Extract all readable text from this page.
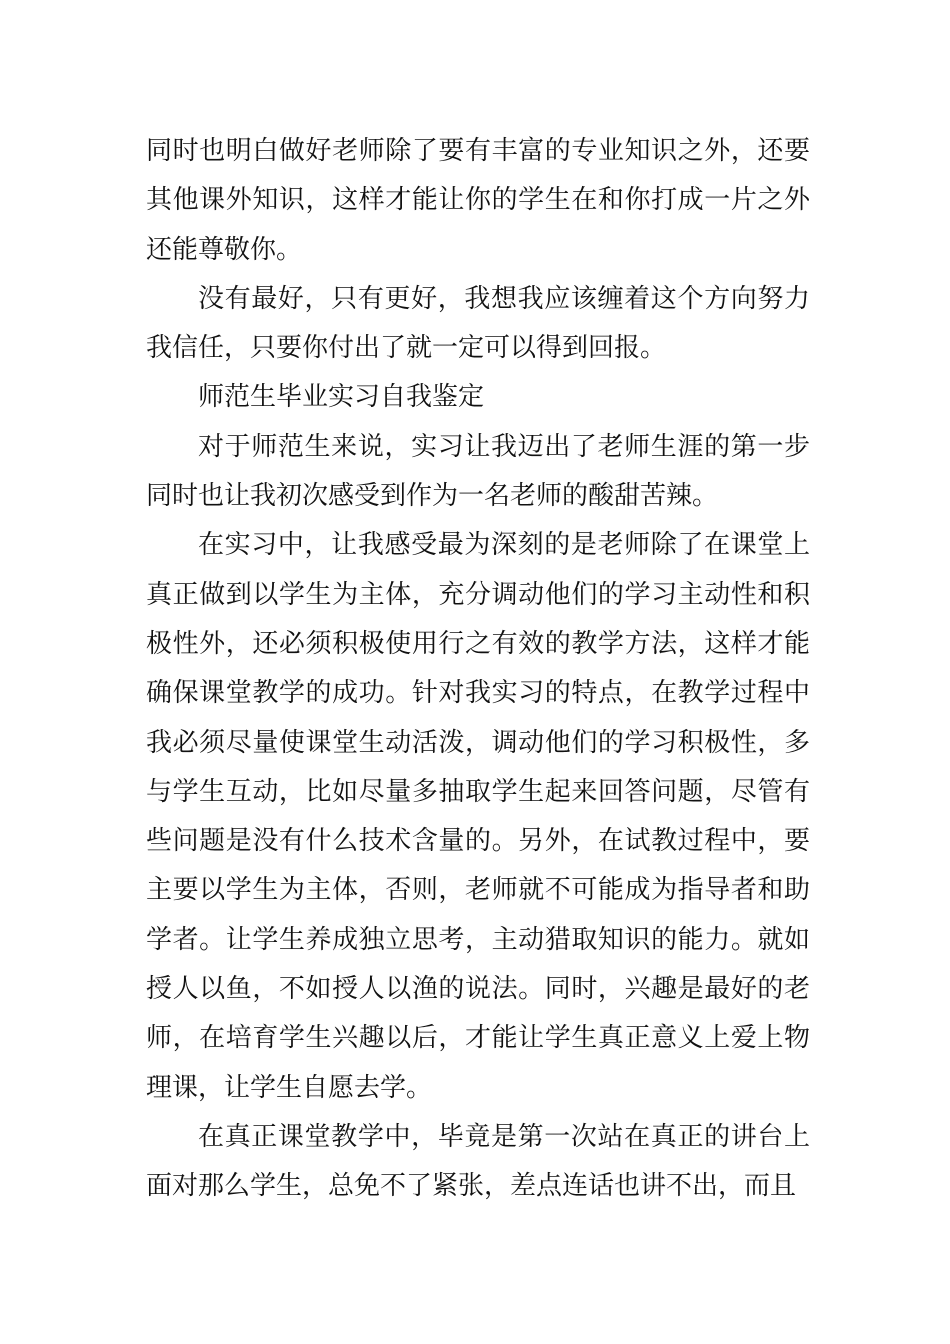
同时也明白做好老师除了要有丰富的专业知识之外，还要其他课外知识，这样才能让你的学生在和你打成一片之外还能尊敬你。

没有最好，只有更好，我想我应该缠着这个方向努力我信任，只要你付出了就一定可以得到回报。

师范生毕业实习自我鉴定

对于师范生来说，实习让我迈出了老师生涯的第一步同时也让我初次感受到作为一名老师的酸甜苦辣。

在实习中，让我感受最为深刻的是老师除了在课堂上真正做到以学生为主体，充分调动他们的学习主动性和积极性外，还必须积极使用行之有效的教学方法，这样才能确保课堂教学的成功。针对我实习的特点，在教学过程中我必须尽量使课堂生动活泼，调动他们的学习积极性，多与学生互动，比如尽量多抽取学生起来回答问题，尽管有些问题是没有什么技术含量的。另外，在试教过程中，要主要以学生为主体，否则，老师就不可能成为指导者和助学者。让学生养成独立思考，主动猎取知识的能力。就如授人以鱼，不如授人以渔的说法。同时，兴趣是最好的老师，在培育学生兴趣以后，才能让学生真正意义上爱上物理课，让学生自愿去学。

在真正课堂教学中，毕竟是第一次站在真正的讲台上面对那么学生，总免不了紧张，差点连话也讲不出，而且
